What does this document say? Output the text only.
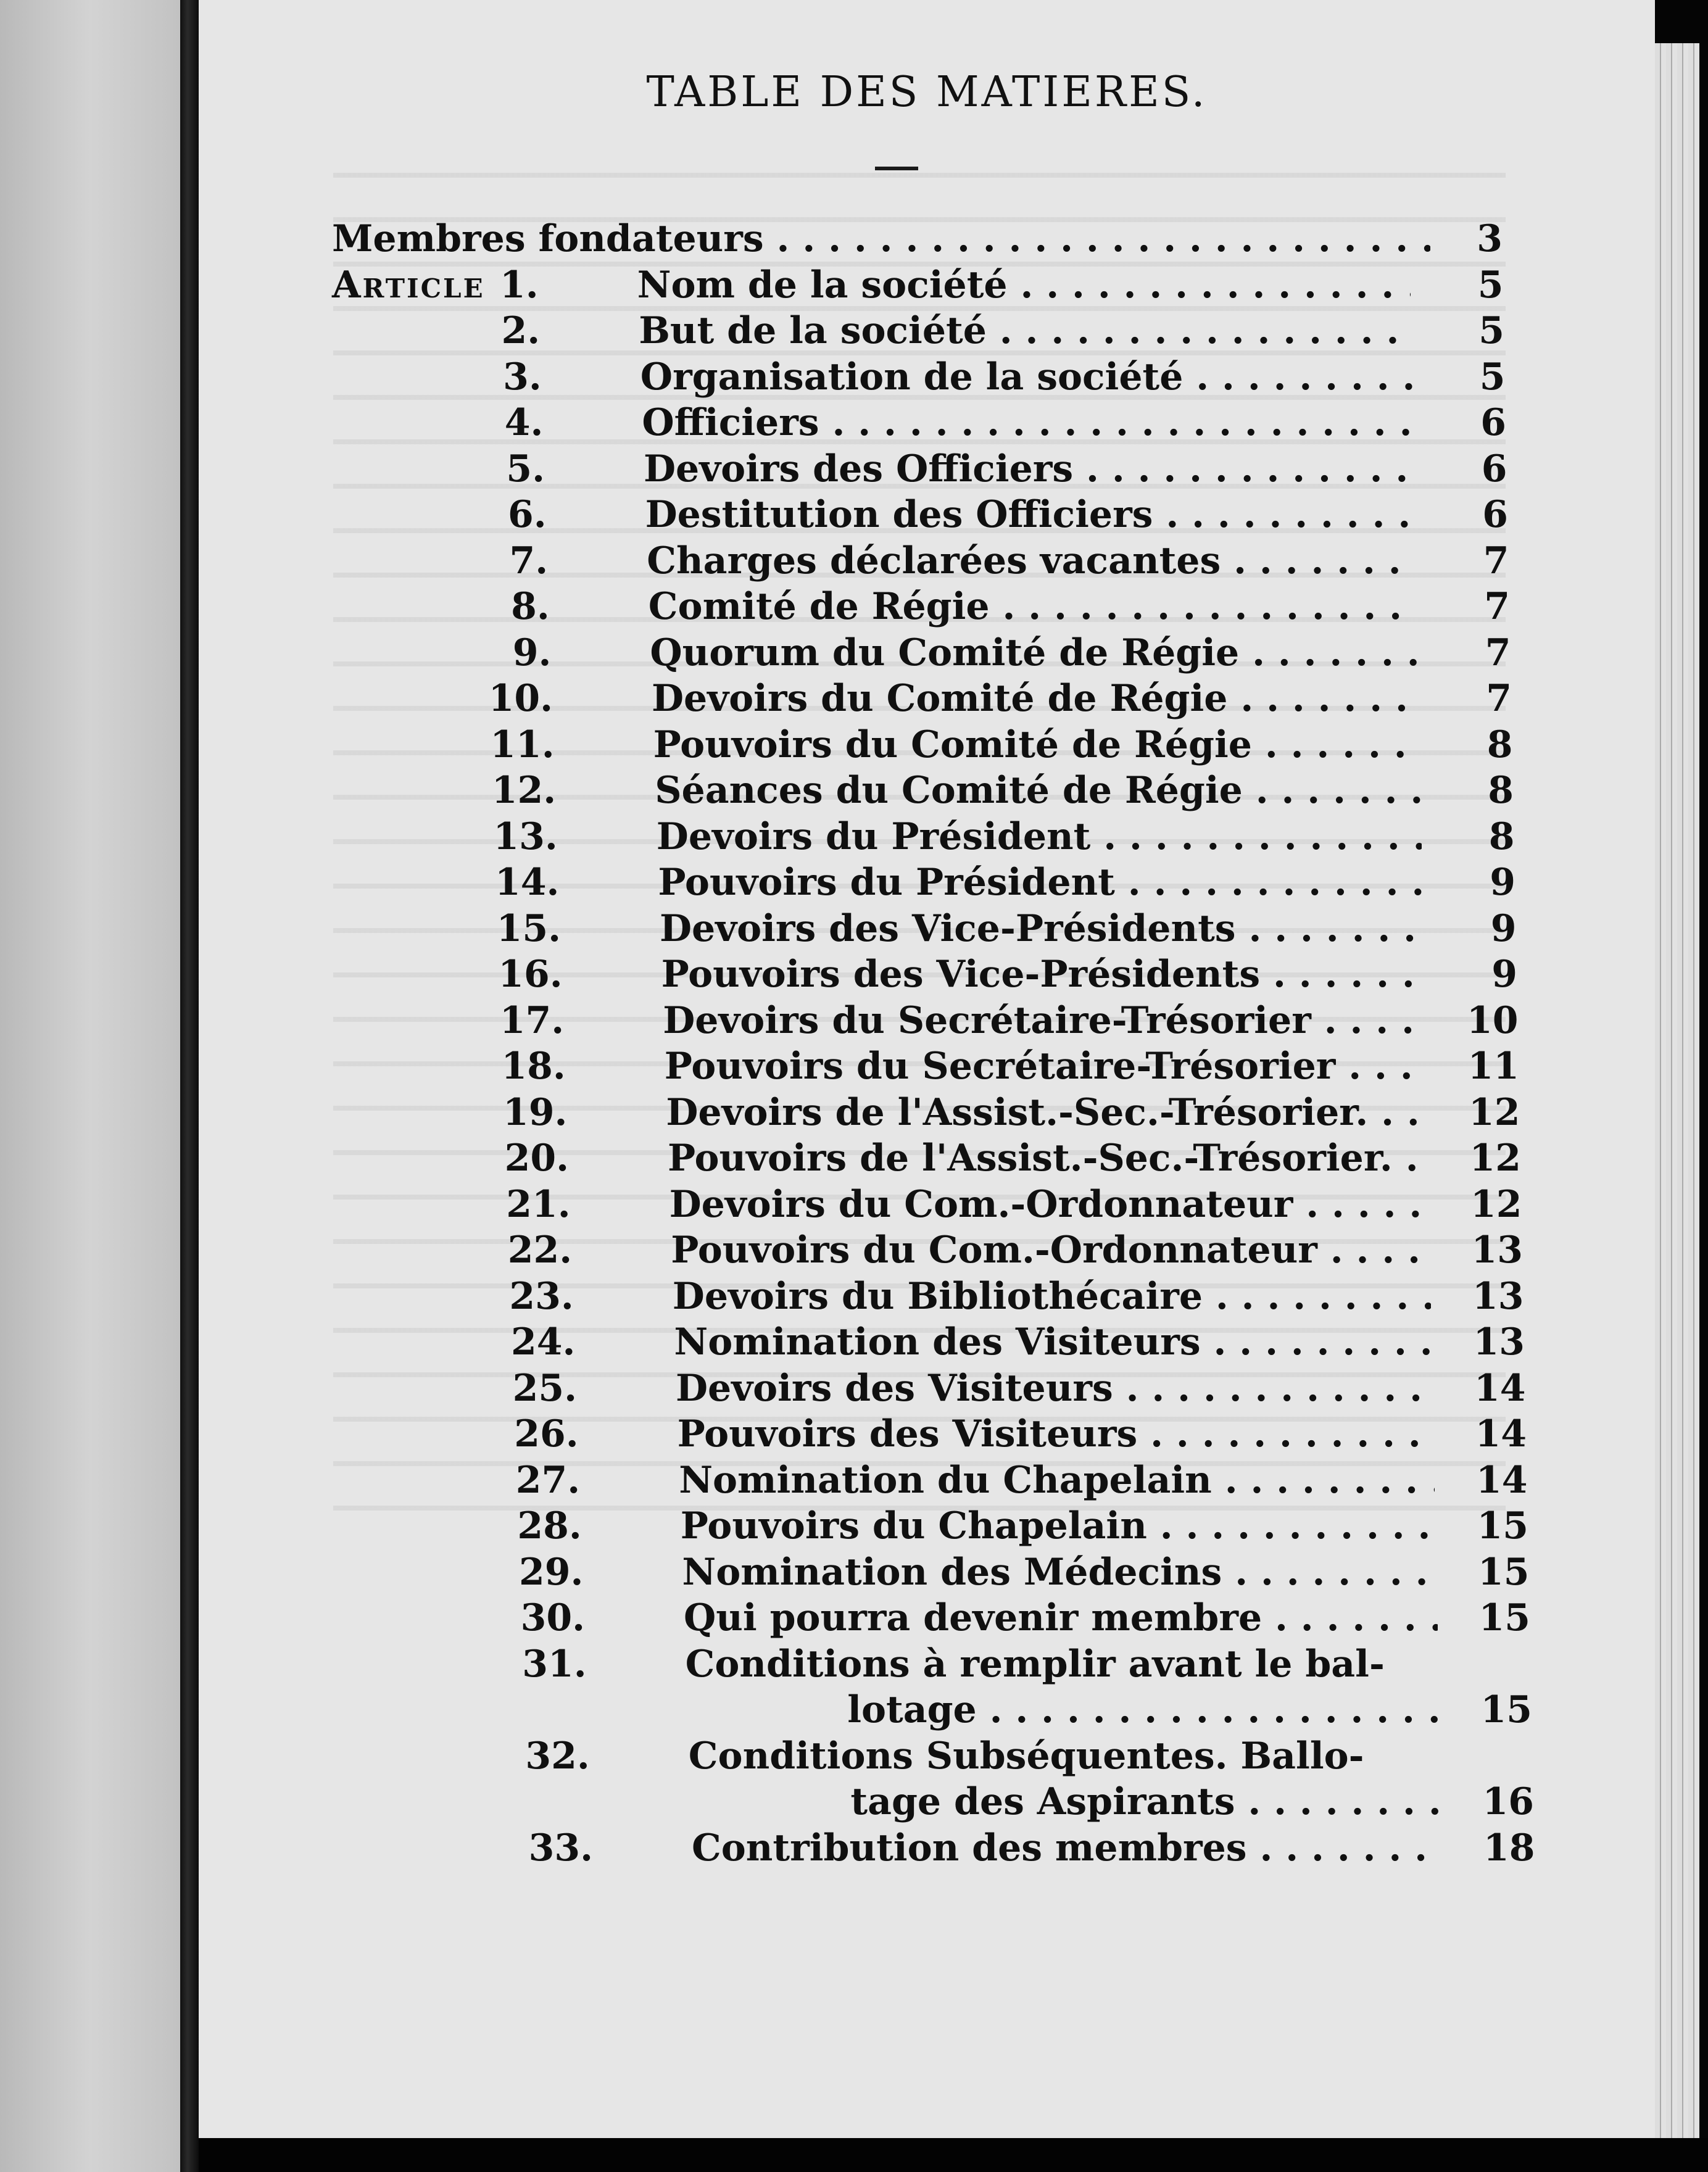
TABLE DES MATIERES.
Membres fondateurs . . .	3
Article 1.	Nom de la société . . .	5
2.	But de la société . . .	5
3.	Organisation de la société . . .	5
4.	Officiers . . .	6
5.	Devoirs des Officiers . . .	6
6.	Destitution des Officiers . . .	6
7.	Charges déclarées vacantes . . .	7
8.	Comité de Régie . . .	7
9.	Quorum du Comité de Régie . . .	7
10.	Devoirs du Comité de Régie . . .	7
11.	Pouvoirs du Comité de Régie . . .	8
12.	Séances du Comité de Régie . . .	8
13.	Devoirs du Président . . .	8
14.	Pouvoirs du Président . . .	9
15.	Devoirs des Vice-Présidents . . .	9
16.	Pouvoirs des Vice-Présidents . . .	9
17.	Devoirs du Secrétaire-Trésorier . . .	10
18.	Pouvoirs du Secrétaire-Trésorier . . .	11
19.	Devoirs de l'Assist.-Sec.-Trésorier. . . .	12
20.	Pouvoirs de l'Assist.-Sec.-Trésorier. . . .	12
21.	Devoirs du Com.-Ordonnateur . . .	12
22.	Pouvoirs du Com.-Ordonnateur . . .	13
23.	Devoirs du Bibliothécaire . . .	13
24.	Nomination des Visiteurs . . .	13
25.	Devoirs des Visiteurs . . .	14
26.	Pouvoirs des Visiteurs . . .	14
27.	Nomination du Chapelain . . .	14
28.	Pouvoirs du Chapelain . . .	15
29.	Nomination des Médecins . . .	15
30.	Qui pourra devenir membre . . .	15
31.	Conditions à remplir avant le bal-
lotage . . .	15
32.	Conditions Subséquentes. Ballo-
tage des Aspirants . . .	16
33.	Contribution des membres . . .	18
